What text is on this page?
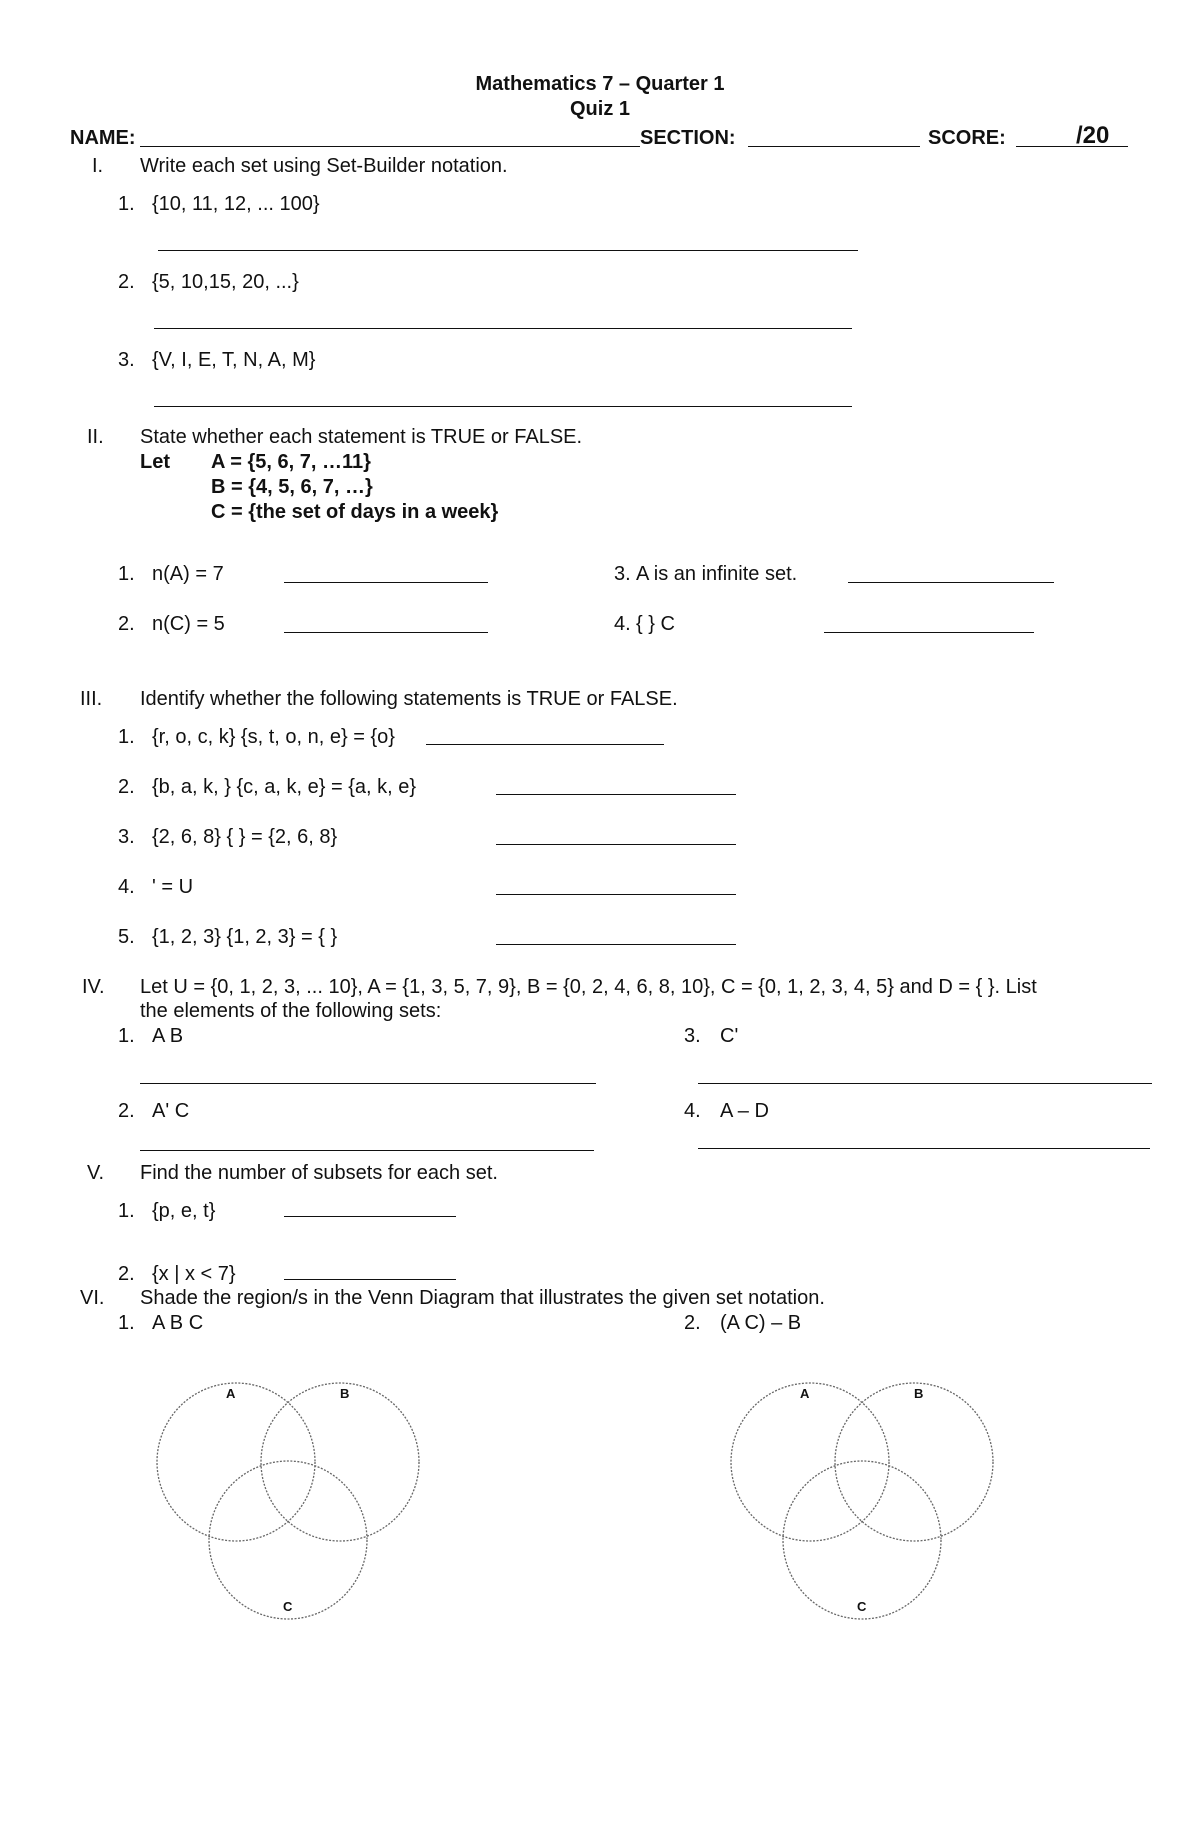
Mathematics 7 – Quarter 1
Quiz 1
NAME:	SECTION:	SCORE:	/20
I. Write each set using Set-Builder notation.
1. {10, 11, 12, ... 100}
2. {5, 10,15, 20, ...}
3. {V, I, E, T, N, A, M}
II. State whether each statement is TRUE or FALSE.
Let A = {5, 6, 7, …11}
B = {4, 5, 6, 7, …}
C = {the set of days in a week}
1. n(A) = 7
2. n(C) = 5
3. A is an infinite set.
4. { } C
III. Identify whether the following statements is TRUE or FALSE.
1. {r, o, c, k} {s, t, o, n, e} = {o}
2. {b, a, k, } {c, a, k, e} = {a, k, e}
3. {2, 6, 8} { } = {2, 6, 8}
4. ' = U
5. {1, 2, 3} {1, 2, 3} = { }
IV. Let U = {0, 1, 2, 3, ... 10}, A = {1, 3, 5, 7, 9}, B = {0, 2, 4, 6, 8, 10}, C = {0, 1, 2, 3, 4, 5} and D = { }. List
the elements of the following sets:
1. A B
2. A' C
3. C'
4. A – D
V. Find the number of subsets for each set.
1. {p, e, t}
2. {x | x < 7}
VI. Shade the region/s in the Venn Diagram that illustrates the given set notation.
1. A B C	2. (A C) – B
A	B
C
A	B
C
